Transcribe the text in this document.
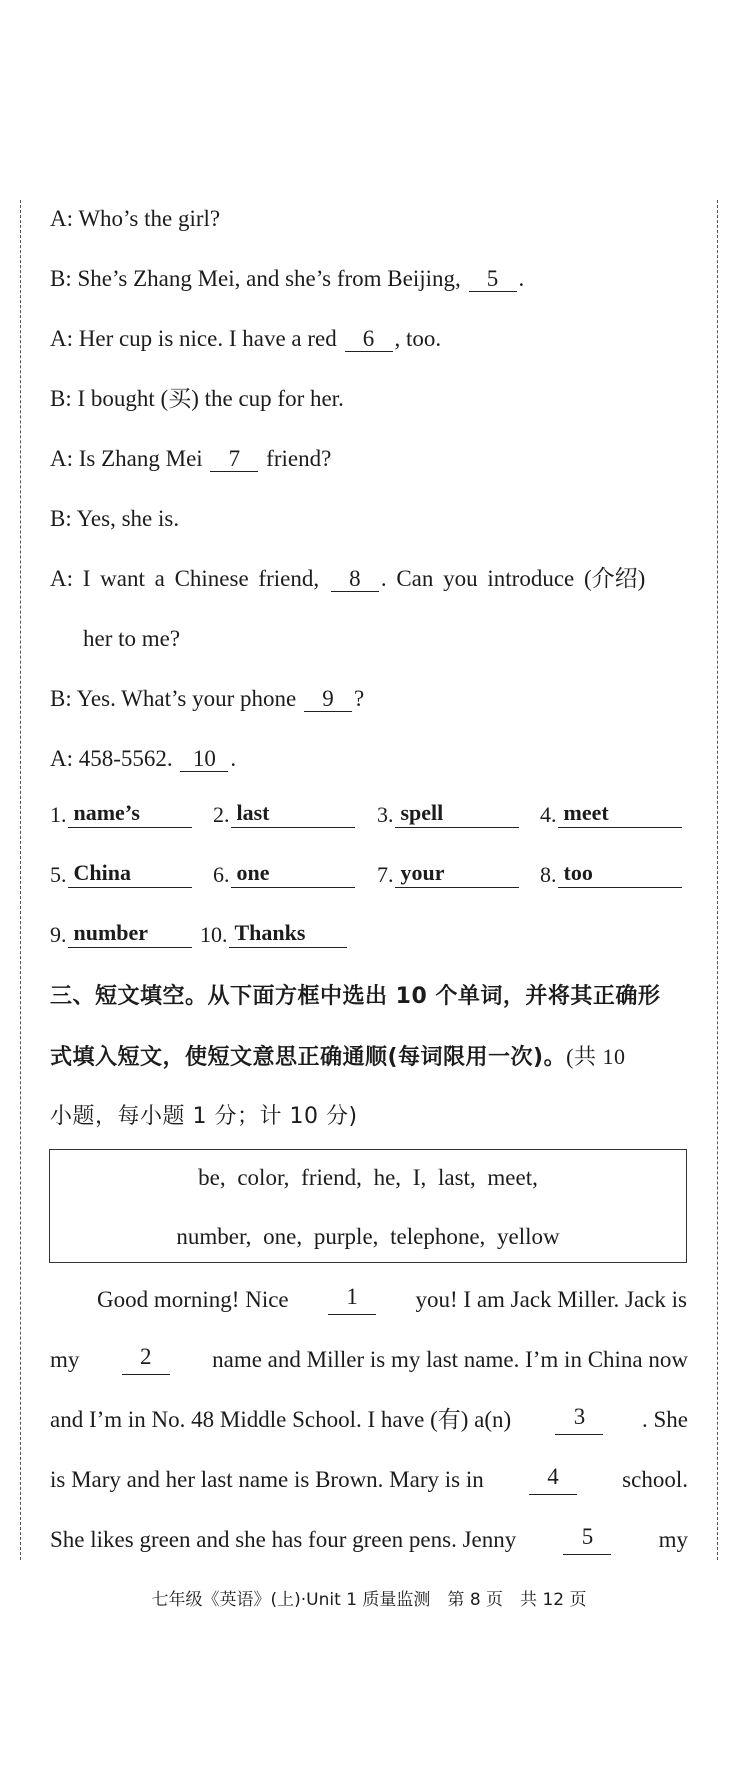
A: Who’s the girl?
B: She’s Zhang Mei, and she’s from Beijing, 5 .
A: Her cup is nice. I have a red 6 , too.
B: I bought (买) the cup for her.
A: Is Zhang Mei 7 friend?
B: Yes, she is.
A: I want a Chinese friend, 8 . Can you introduce (介绍)
her to me?
B: Yes. What’s your phone 9 ?
A: 458-5562. 10 .
1. name’s	2. last	3. spell	4. meet
5. China	6. one	7. your	8. too
9. number	10. Thanks
三、短文填空。从下面方框中选出 10 个单词，并将其正确形
式填入短文，使短文意思正确通顺(每词限用一次)。(共 10
小题，每小题 1 分；计 10 分)
be, color, friend, he, I, last, meet,
number, one, purple, telephone, yellow
Good morning! Nice	1	you! I am Jack Miller. Jack is
my	2	name and Miller is my last name. I’m in China now
and I’m in No. 48 Middle School. I have (有) a(n)	3	. She
is Mary and her last name is Brown. Mary is in	4	school.
She likes green and she has four green pens. Jenny	5	my
七年级《英语》(上)·Unit 1 质量监测　第 8 页　共 12 页
